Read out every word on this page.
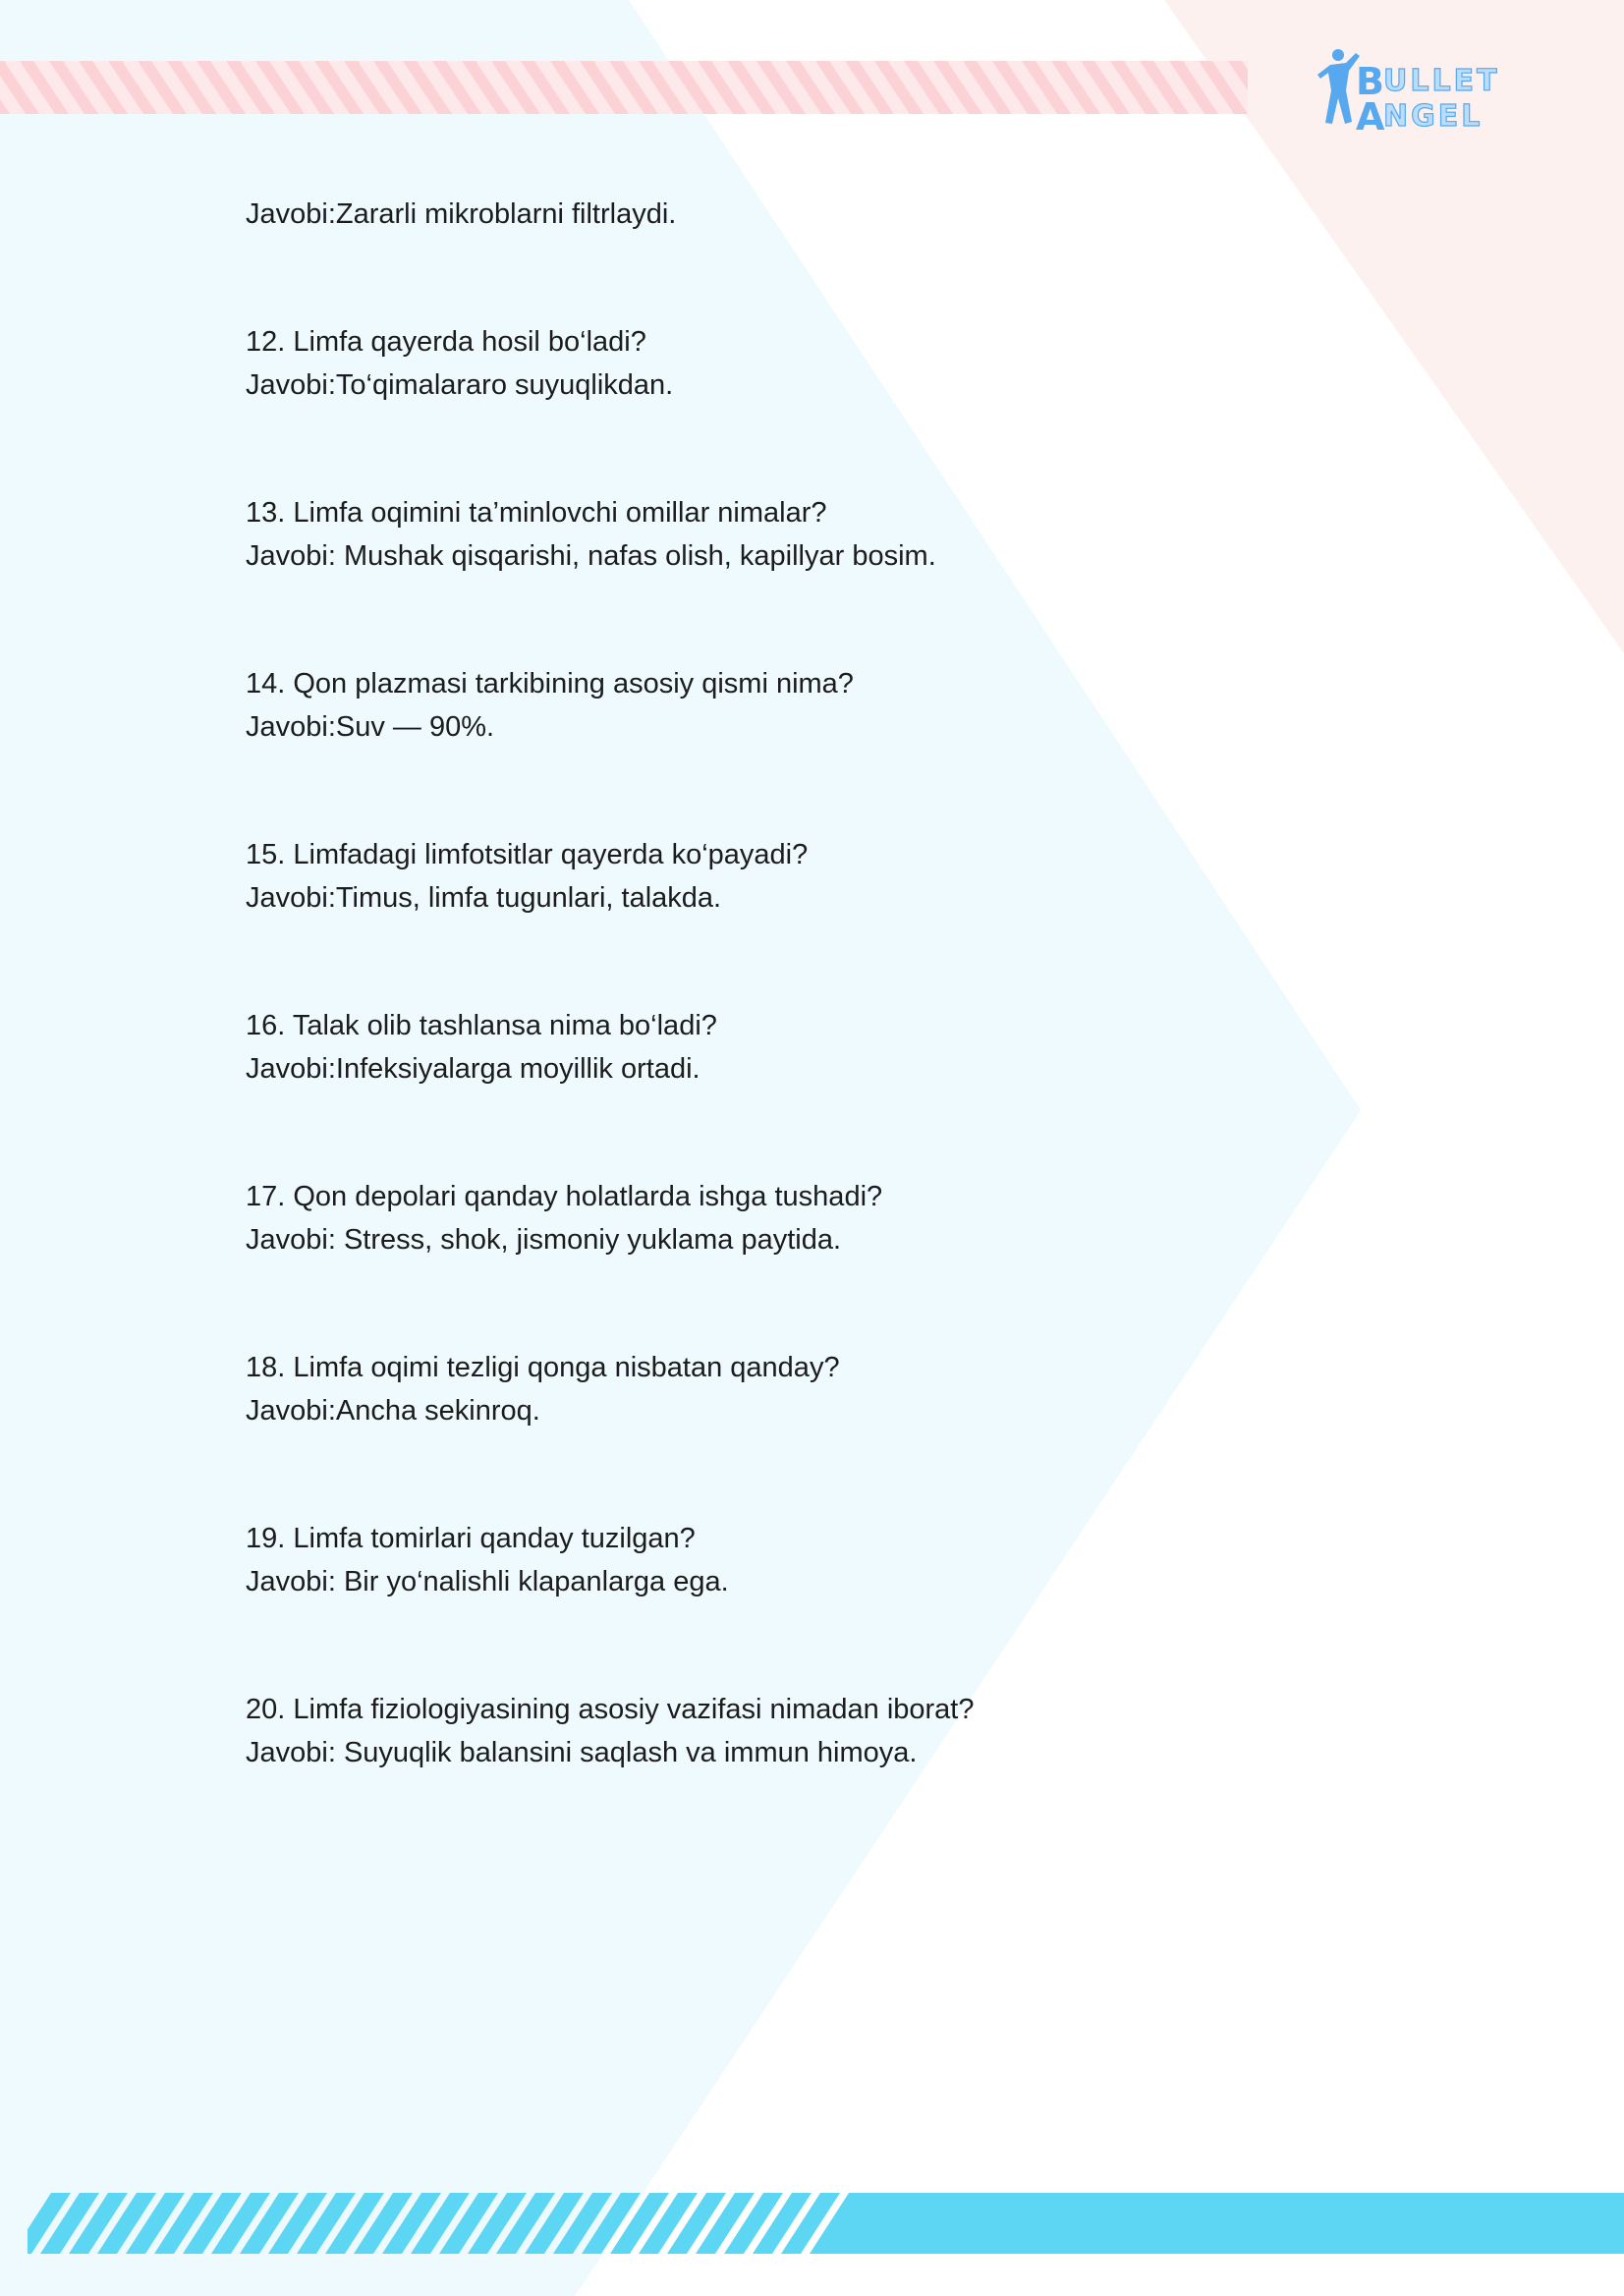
B ULLET
A
NGEL
Javobi:Zararli mikroblarni filtrlaydi.
12. Limfa qayerda hosil bo‘ladi?
Javobi:To‘qimalararo suyuqlikdan.
13. Limfa oqimini ta’minlovchi omillar nimalar?
Javobi: Mushak qisqarishi, nafas olish, kapillyar bosim.
14. Qon plazmasi tarkibining asosiy qismi nima?
Javobi:Suv — 90%.
15. Limfadagi limfotsitlar qayerda ko‘payadi?
Javobi:Timus, limfa tugunlari, talakda.
16. Talak olib tashlansa nima bo‘ladi?
Javobi:Infeksiyalarga moyillik ortadi.
17. Qon depolari qanday holatlarda ishga tushadi?
Javobi: Stress, shok, jismoniy yuklama paytida.
18. Limfa oqimi tezligi qonga nisbatan qanday?
Javobi:Ancha sekinroq.
19. Limfa tomirlari qanday tuzilgan?
Javobi: Bir yo‘nalishli klapanlarga ega.
20. Limfa fiziologiyasining asosiy vazifasi nimadan iborat?
Javobi: Suyuqlik balansini saqlash va immun himoya.
